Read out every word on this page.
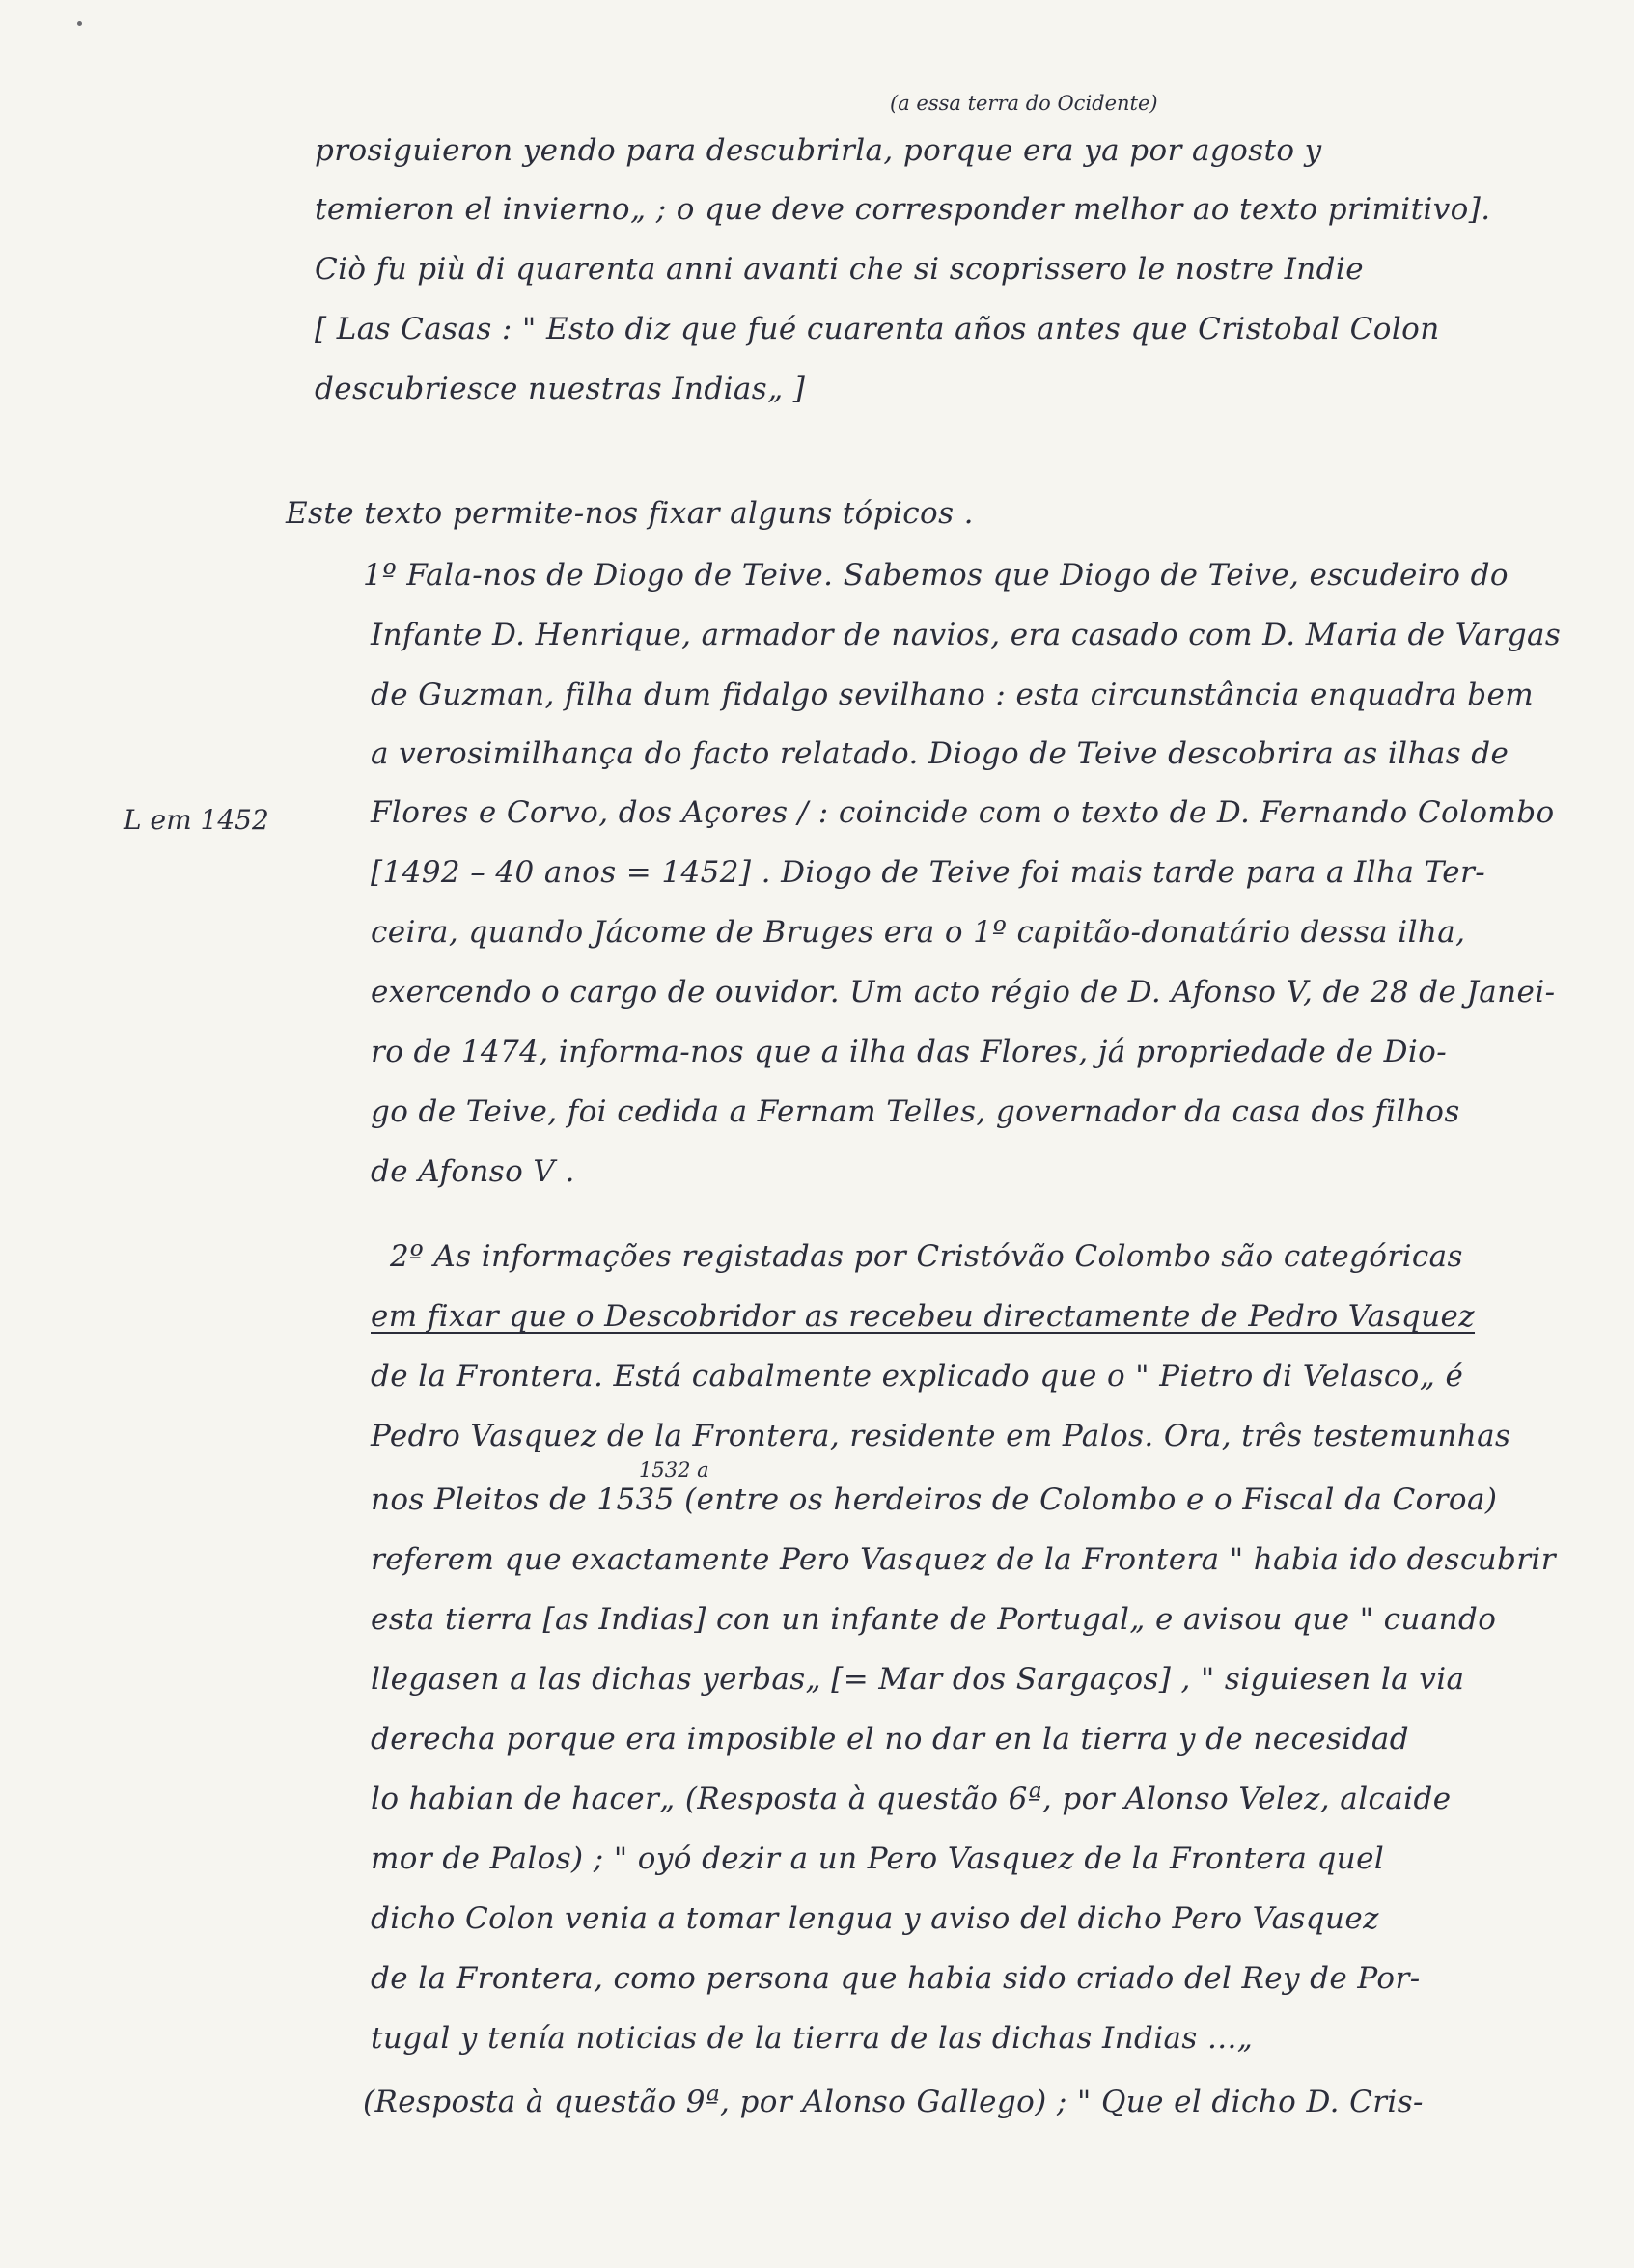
(a essa terra do Ocidente)
prosiguieron yendo para descubrirla, porque era ya por agosto y
temieron el invierno„ ; o que deve corresponder melhor ao texto primitivo].
Ciò fu più di quarenta anni avanti che si scoprissero le nostre Indie
[ Las Casas : " Esto diz que fué cuarenta años antes que Cristobal Colon
descubriesce nuestras Indias„ ]
Este texto permite-nos fixar alguns tópicos .
L em 1452
1º Fala-nos de Diogo de Teive. Sabemos que Diogo de Teive, escudeiro do
Infante D. Henrique, armador de navios, era casado com D. Maria de Vargas
de Guzman, filha dum fidalgo sevilhano : esta circunstância enquadra bem
a verosimilhança do facto relatado. Diogo de Teive descobrira as ilhas de
Flores e Corvo, dos Açores / : coincide com o texto de D. Fernando Colombo
[1492 – 40 anos = 1452] . Diogo de Teive foi mais tarde para a Ilha Ter-
ceira, quando Jácome de Bruges era o 1º capitão-donatário dessa ilha,
exercendo o cargo de ouvidor. Um acto régio de D. Afonso V, de 28 de Janei-
ro de 1474, informa-nos que a ilha das Flores, já propriedade de Dio-
go de Teive, foi cedida a Fernam Telles, governador da casa dos filhos
de Afonso V .
1532 a
2º As informações registadas por Cristóvão Colombo são categóricas
em fixar que o Descobridor as recebeu directamente de Pedro Vasquez
de la Frontera. Está cabalmente explicado que o " Pietro di Velasco„ é
Pedro Vasquez de la Frontera, residente em Palos. Ora, três testemunhas
nos Pleitos de 1535 (entre os herdeiros de Colombo e o Fiscal da Coroa)
referem que exactamente Pero Vasquez de la Frontera " habia ido descubrir
esta tierra [as Indias] con un infante de Portugal„ e avisou que " cuando
llegasen a las dichas yerbas„ [= Mar dos Sargaços] , " siguiesen la via
derecha porque era imposible el no dar en la tierra y de necesidad
lo habian de hacer„ (Resposta à questão 6ª, por Alonso Velez, alcaide
mor de Palos) ; " oyó dezir a un Pero Vasquez de la Frontera quel
dicho Colon venia a tomar lengua y aviso del dicho Pero Vasquez
de la Frontera, como persona que habia sido criado del Rey de Por-
tugal y tenía noticias de la tierra de las dichas Indias ...„
(Resposta à questão 9ª, por Alonso Gallego) ; " Que el dicho D. Cris-
